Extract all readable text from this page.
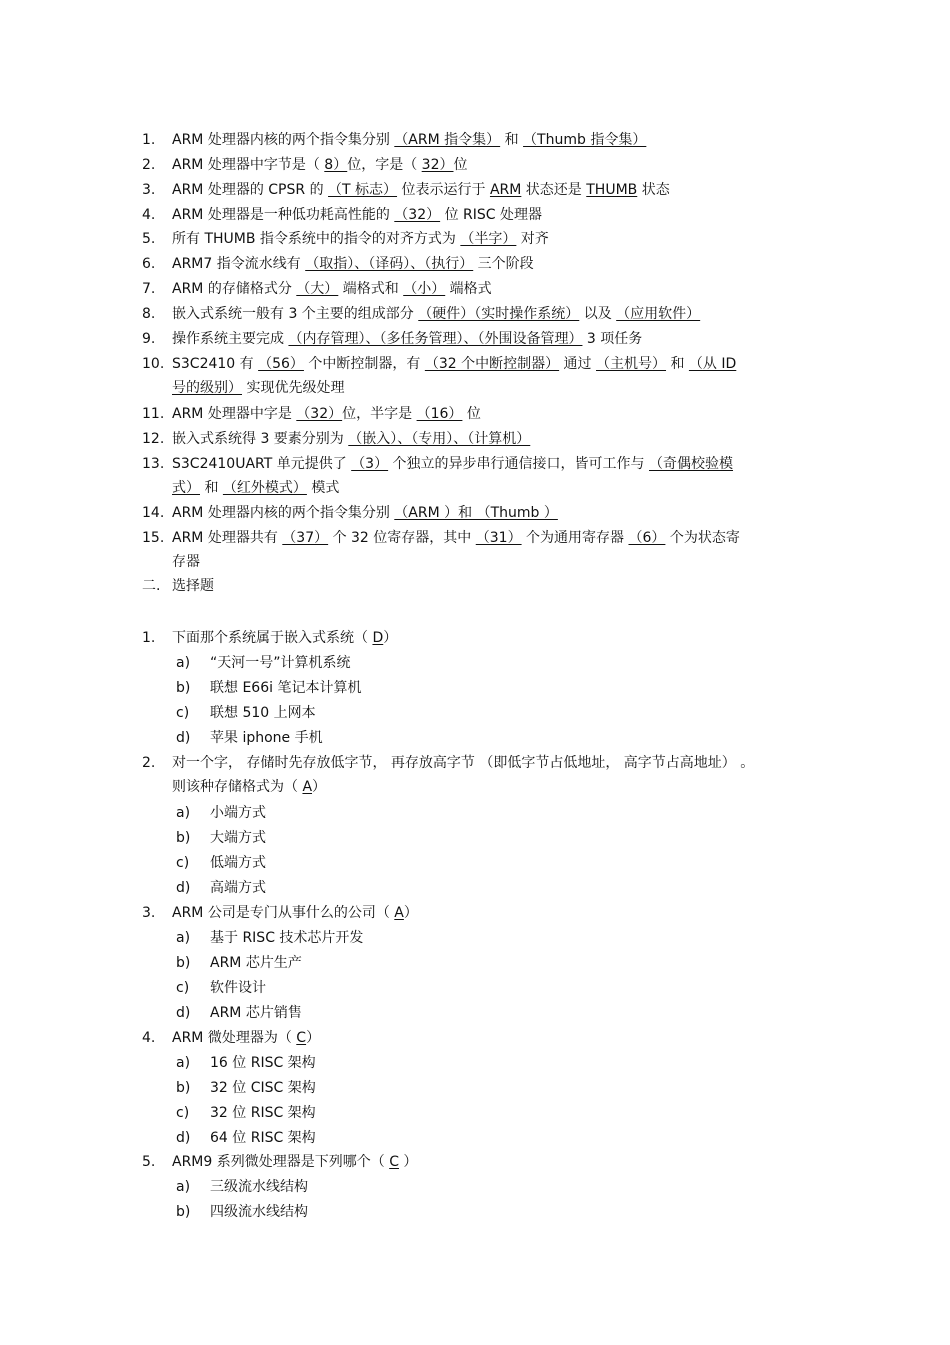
1. ARM 处理器内核的两个指令集分别 （ARM 指令集） 和 （Thumb 指令集）
2. ARM 处理器中字节是（ 8）位，字是（ 32）位
3. ARM 处理器的 CPSR 的 （T 标志） 位表示运行于 ARM 状态还是 THUMB 状态
4. ARM 处理器是一种低功耗高性能的 （32） 位 RISC 处理器
5. 所有 THUMB 指令系统中的指令的对齐方式为 （半字） 对齐
6. ARM7 指令流水线有 （取指）、（译码）、（执行） 三个阶段
7. ARM 的存储格式分 （大） 端格式和 （小） 端格式
8. 嵌入式系统一般有 3 个主要的组成部分 （硬件）（实时操作系统） 以及 （应用软件）
9. 操作系统主要完成 （内存管理）、（多任务管理）、（外围设备管理） 3 项任务
10. S3C2410 有 （56） 个中断控制器，有 （32 个中断控制器） 通过 （主机号） 和 （从 ID
号的级别） 实现优先级处理
11. ARM 处理器中字是 （32）位，半字是 （16） 位
12. 嵌入式系统得 3 要素分别为 （嵌入）、（专用）、（计算机）
13. S3C2410UART 单元提供了 （3） 个独立的异步串行通信接口，皆可工作与 （奇偶校验模
式） 和 （红外模式） 模式
14. ARM 处理器内核的两个指令集分别 （ARM ）和 （Thumb ）
15. ARM 处理器共有 （37） 个 32 位寄存器，其中 （31） 个为通用寄存器 （6） 个为状态寄
存器
二. 选择题
1. 下面那个系统属于嵌入式系统（ D）
a) “天河一号”计算机系统
b) 联想 E66i 笔记本计算机
c) 联想 510 上网本
d) 苹果 iphone 手机
2. 对一个字， 存储时先存放低字节， 再存放高字节 （即低字节占低地址， 高字节占高地址） 。
则该种存储格式为（ A）
a) 小端方式
b) 大端方式
c) 低端方式
d) 高端方式
3. ARM 公司是专门从事什么的公司（ A）
a) 基于 RISC 技术芯片开发
b) ARM 芯片生产
c) 软件设计
d) ARM 芯片销售
4. ARM 微处理器为（ C）
a) 16 位 RISC 架构
b) 32 位 CISC 架构
c) 32 位 RISC 架构
d) 64 位 RISC 架构
5. ARM9 系列微处理器是下列哪个（ C ）
a) 三级流水线结构
b) 四级流水线结构
